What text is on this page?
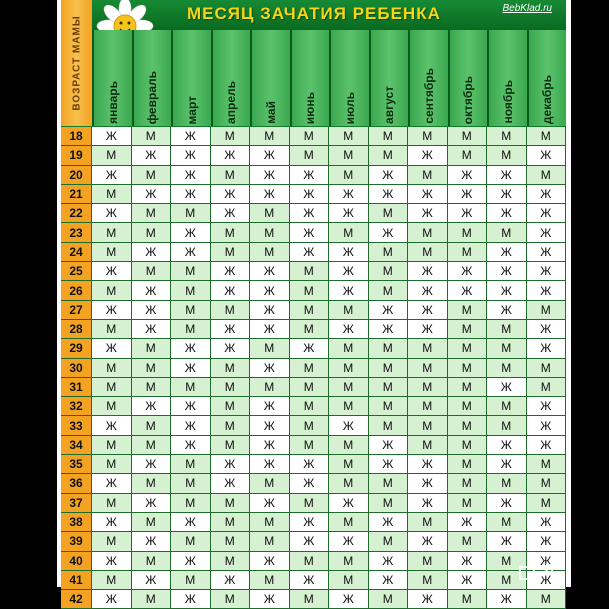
МЕСЯЦ ЗАЧАТИЯ РЕБЕНКА	BebKlad.ru
ВОЗРАСТ МАМЫ январь февраль март апрель май июнь июль август сентябрь октябрь ноябрь декабрь
18	Ж	М	Ж	М	М	М	М	М	М	М	М	М
19	М	Ж	Ж	Ж	Ж	М	М	М	Ж	М	М	Ж
20	Ж	М	Ж	М	Ж	Ж	М	Ж	М	Ж	Ж	М
21	М	Ж	Ж	Ж	Ж	Ж	Ж	Ж	Ж	Ж	Ж	Ж
22	Ж	М	М	Ж	М	Ж	Ж	М	Ж	Ж	Ж	Ж
23	М	М	Ж	М	М	Ж	М	Ж	М	М	М	Ж
24	М	Ж	Ж	М	М	Ж	Ж	М	М	М	Ж	Ж
25	Ж	М	М	Ж	Ж	М	Ж	М	Ж	Ж	Ж	Ж
26	М	Ж	М	Ж	Ж	М	Ж	М	Ж	Ж	Ж	Ж
27	Ж	Ж	М	М	Ж	М	М	Ж	Ж	М	Ж	М
28	М	Ж	М	Ж	Ж	М	Ж	Ж	Ж	М	М	Ж
29	Ж	М	Ж	Ж	М	Ж	М	М	М	М	М	Ж
30	М	М	Ж	М	Ж	М	М	М	М	М	М	М
31	М	М	М	М	М	М	М	М	М	М	Ж	М
32	М	Ж	Ж	М	Ж	М	М	М	М	М	М	Ж
33	Ж	М	Ж	М	Ж	М	Ж	М	М	М	М	Ж
34	М	М	Ж	М	Ж	М	М	Ж	М	М	Ж	Ж
35	М	Ж	М	Ж	Ж	Ж	М	Ж	Ж	М	Ж	М
36	Ж	М	М	Ж	М	Ж	М	М	Ж	М	М	М
37	М	Ж	М	М	Ж	М	Ж	М	Ж	М	Ж	М
38	Ж	М	Ж	М	М	Ж	М	Ж	М	Ж	М	Ж
39	М	Ж	М	М	М	Ж	Ж	М	Ж	М	Ж	Ж
40	Ж	М	Ж	М	Ж	М	М	Ж	М	Ж	М	Ж
41	М	Ж	М	Ж	М	Ж	М	Ж	М	Ж	М	Ж
42	Ж	М	Ж	М	Ж	М	Ж	М	Ж	М	Ж	М
